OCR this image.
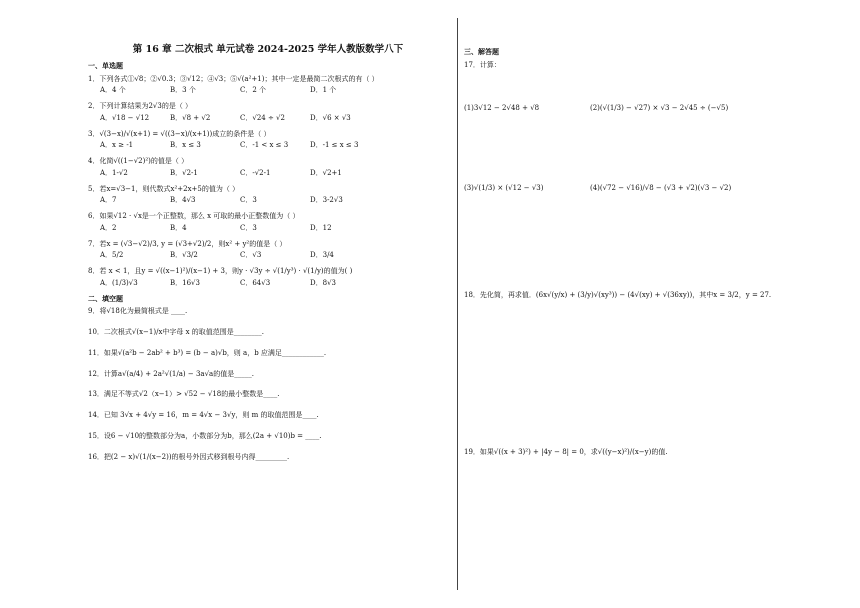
第 16 章 二次根式 单元试卷 2024-2025 学年人教版数学八下
一、单选题
1．下列各式①√8；②√0.3；③√12；④√3；⑤√(a²+1)；其中一定是最简二次根式的有（ ）
A．4 个	B．3 个	C．2 个	D．1 个
2．下列计算结果为2√3的是（ ）
A．√18 − √12	B．√8 + √2	C．√24 ÷ √2	D．√6 × √3
3．√(3−x)/√(x+1) = √((3−x)/(x+1))成立的条件是（ ）
A．x ≥ -1	B．x ≤ 3	C．-1 < x ≤ 3	D．-1 ≤ x ≤ 3
4．化简√((1−√2)²)的值是（ ）
A．1-√2	B．√2-1	C．-√2-1	D．√2+1
5．若x=√3−1，则代数式x²+2x+5的值为（ ）
A．7	B．4√3	C．3	D．3-2√3
6．如果√12 · √x是一个正整数，那么 x 可取的最小正整数值为（ ）
A．2	B．4	C．3	D．12
7．若x = (√3−√2)/3, y = (√3+√2)/2，则x² + y²的值是（ ）
A．5/2	B．√3/2	C．√3	D．3/4
8．若 x < 1，且y = √((x−1)²)/(x−1) + 3，则y · √3y ÷ √(1/y³) · √(1/y)的值为( )
A．(1/3)√3	B．16√3	C．64√3	D．8√3
二、填空题
9．将√18化为最简根式是 ____.
10．二次根式√(x−1)/x中字母 x 的取值范围是________.
11．如果√(a²b − 2ab² + b³) = (b − a)√b，则 a，b 应满足____________.
12．计算a√(a/4) + 2a²√(1/a) − 3a√a的值是_____.
13．满足不等式√2（x−1）> √52 − √18的最小整数是____.
14．已知 3√x + 4√y = 16，m = 4√x − 3√y，则 m 的取值范围是____.
15．设6 − √10的整数部分为a，小数部分为b，那么(2a + √10)b = ____.
16．把(2 − x)√(1/(x−2))的根号外因式移到根号内得_________.
三、解答题
17．计算：
(1)3√12 − 2√48 + √8	(2)(√(1/3) − √27) × √3 − 2√45 ÷ (−√5)
(3)√(1/3) × (√12 − √3)	(4)(√72 − √16)/√8 − (√3 + √2)(√3 − √2)
18．先化简，再求值．(6x√(y/x) + (3/y)√(xy³)) − (4√(xy) + √(36xy))，其中x = 3/2，y = 27.
19．如果√((x + 3)²) + |4y − 8| = 0，求√((y−x)²)/(x−y)的值.
